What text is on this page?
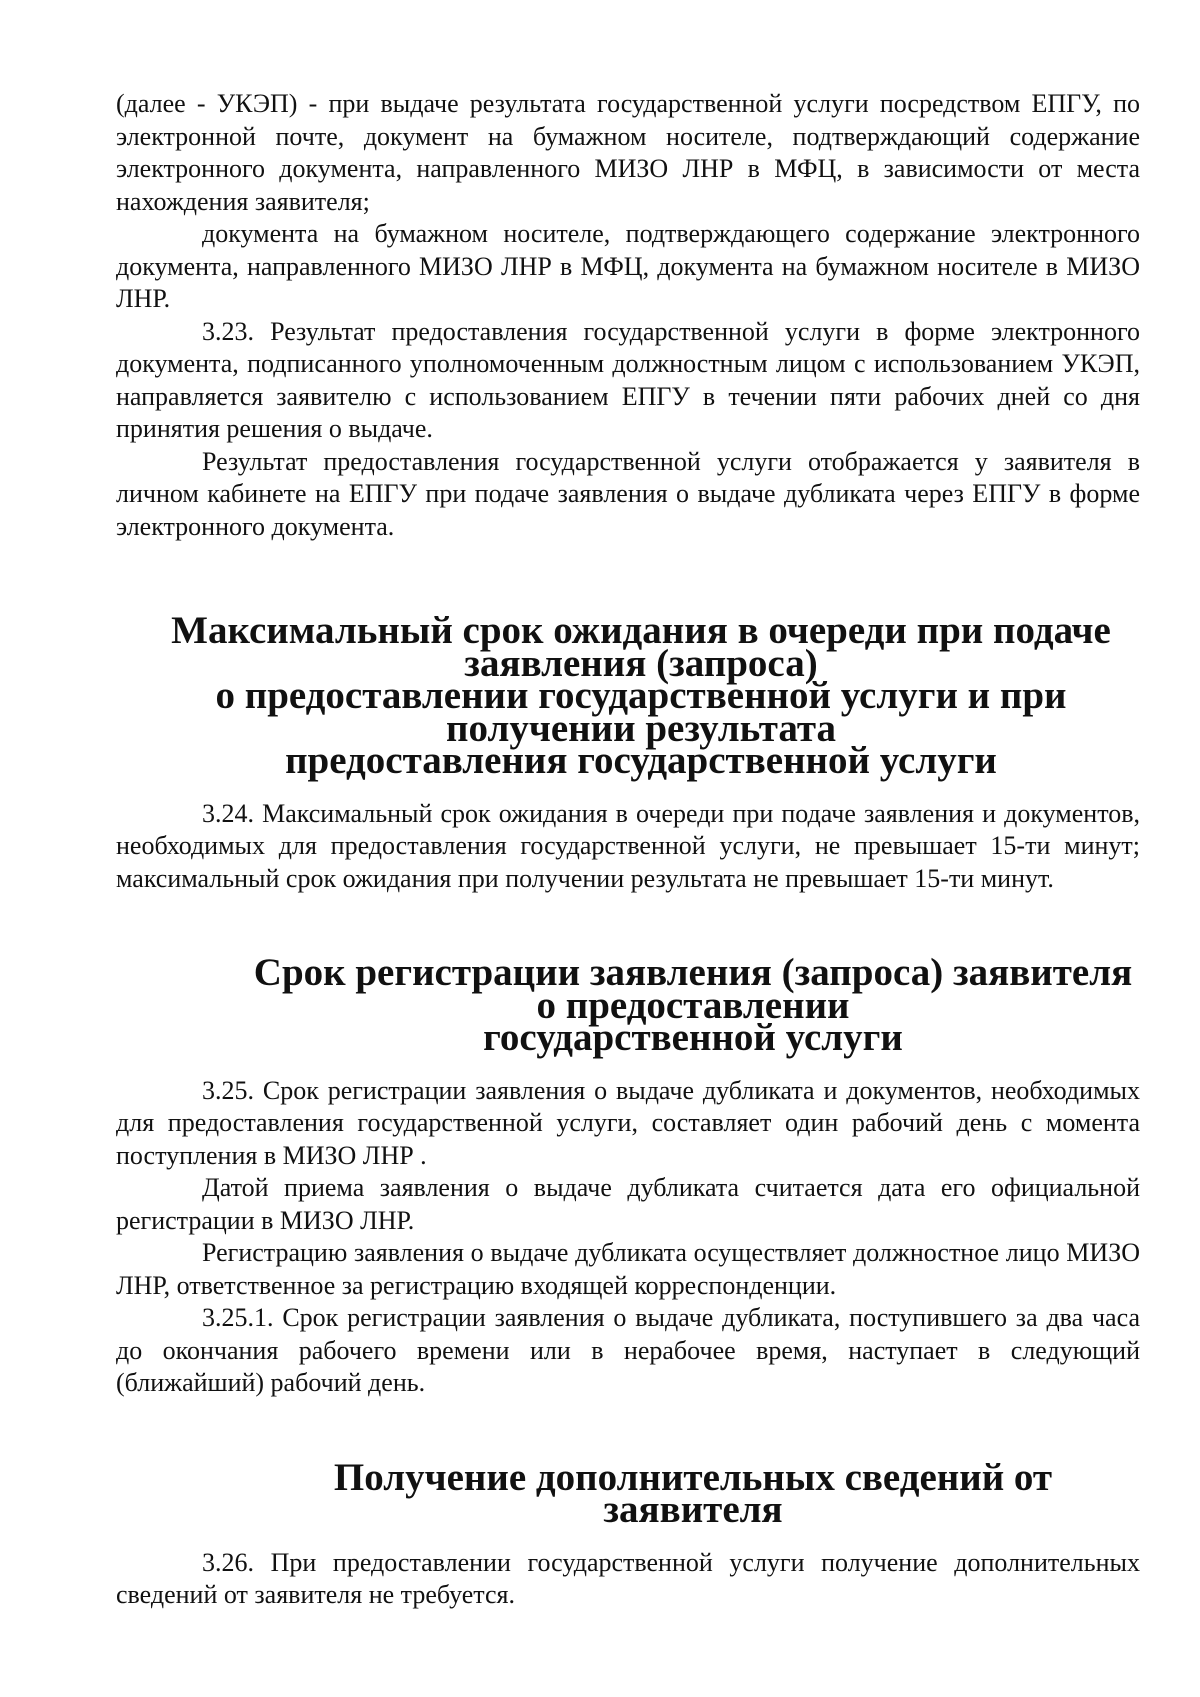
(далее - УКЭП) - при выдаче результата государственной услуги посредством ЕПГУ, по электронной почте, документ на бумажном носителе, подтверждающий содержание электронного документа, направленного МИЗО ЛНР в МФЦ, в зависимости от места нахождения заявителя;

документа на бумажном носителе, подтверждающего содержание электронного документа, направленного МИЗО ЛНР в МФЦ, документа на бумажном носителе в МИЗО ЛНР.

3.23. Результат предоставления государственной услуги в форме электронного документа, подписанного уполномоченным должностным лицом с использованием УКЭП, направляется заявителю с использованием ЕПГУ в течении пяти рабочих дней со дня принятия решения о выдаче.

Результат предоставления государственной услуги отображается у заявителя в личном кабинете на ЕПГУ при подаче заявления о выдаче дубликата через ЕПГУ в форме электронного документа.

Максимальный срок ожидания в очереди при подаче заявления (запроса)
о предоставлении государственной услуги и при получении результата
предоставления государственной услуги

3.24. Максимальный срок ожидания в очереди при подаче заявления и документов, необходимых для предоставления государственной услуги, не превышает 15-ти минут; максимальный срок ожидания при получении результата не превышает 15-ти минут.

Срок регистрации заявления (запроса) заявителя о предоставлении
государственной услуги

3.25. Срок регистрации заявления о выдаче дубликата и документов, необходимых для предоставления государственной услуги, составляет один рабочий день с момента поступления в МИЗО ЛНР .

Датой приема заявления о выдаче дубликата считается дата его официальной регистрации в МИЗО ЛНР.

Регистрацию заявления о выдаче дубликата осуществляет должностное лицо МИЗО ЛНР, ответственное за регистрацию входящей корреспонденции.

3.25.1. Срок регистрации заявления о выдаче дубликата, поступившего за два часа до окончания рабочего времени или в нерабочее время, наступает в следующий (ближайший) рабочий день.

Получение дополнительных сведений от заявителя

3.26. При предоставлении государственной услуги получение дополнительных сведений от заявителя не требуется.
